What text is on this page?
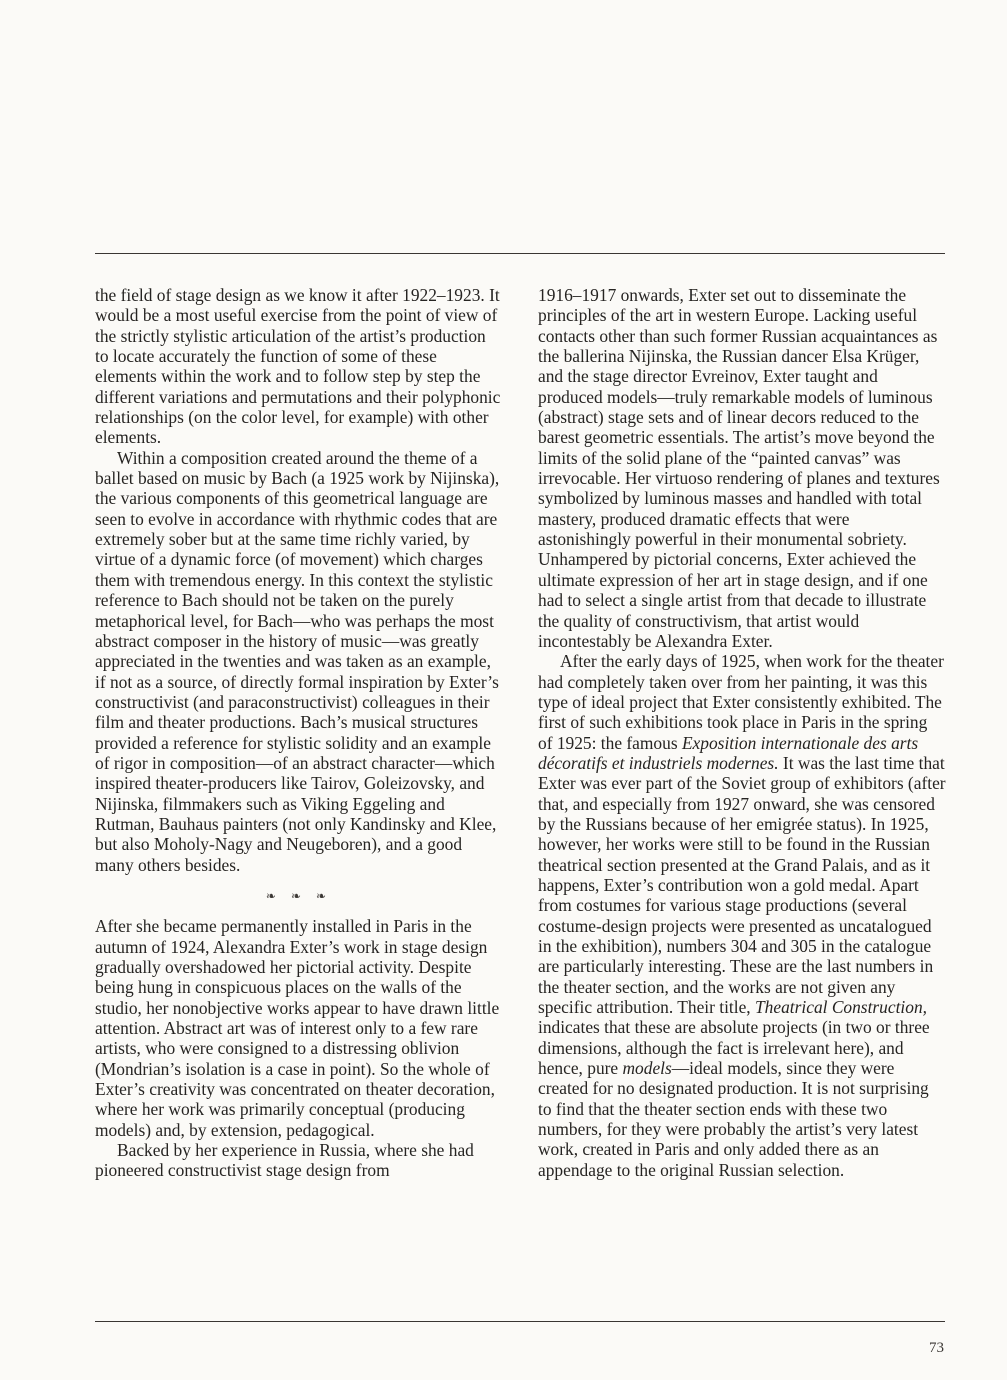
the field of stage design as we know it after 1922–1923. It would be a most useful exercise from the point of view of the strictly stylistic articulation of the artist’s production to locate accurately the function of some of these elements within the work and to follow step by step the different variations and permutations and their polyphonic relationships (on the color level, for example) with other elements.

Within a composition created around the theme of a ballet based on music by Bach (a 1925 work by Nijinska), the various components of this geometrical language are seen to evolve in accordance with rhythmic codes that are extremely sober but at the same time richly varied, by virtue of a dynamic force (of movement) which charges them with tremendous energy. In this context the stylistic reference to Bach should not be taken on the purely metaphorical level, for Bach—who was perhaps the most abstract composer in the history of music—was greatly appreciated in the twenties and was taken as an example, if not as a source, of directly formal inspiration by Exter’s constructivist (and paraconstructivist) colleagues in their film and theater productions. Bach’s musical structures provided a reference for stylistic solidity and an example of rigor in composition—of an abstract character—which inspired theater-producers like Tairov, Goleizovsky, and Nijinska, filmmakers such as Viking Eggeling and Rutman, Bauhaus painters (not only Kandinsky and Klee, but also Moholy-Nagy and Neugeboren), and a good many others besides.

❧ ❧ ❧

After she became permanently installed in Paris in the autumn of 1924, Alexandra Exter’s work in stage design gradually overshadowed her pictorial activity. Despite being hung in conspicuous places on the walls of the studio, her nonobjective works appear to have drawn little attention. Abstract art was of interest only to a few rare artists, who were consigned to a distressing oblivion (Mondrian’s isolation is a case in point). So the whole of Exter’s creativity was concentrated on theater decoration, where her work was primarily conceptual (producing models) and, by extension, pedagogical.

Backed by her experience in Russia, where she had pioneered constructivist stage design from

1916–1917 onwards, Exter set out to disseminate the principles of the art in western Europe. Lacking useful contacts other than such former Russian acquaintances as the ballerina Nijinska, the Russian dancer Elsa Krüger, and the stage director Evreinov, Exter taught and produced models—truly remarkable models of luminous (abstract) stage sets and of linear decors reduced to the barest geometric essentials. The artist’s move beyond the limits of the solid plane of the “painted canvas” was irrevocable. Her virtuoso rendering of planes and textures symbolized by luminous masses and handled with total mastery, produced dramatic effects that were astonishingly powerful in their monumental sobriety. Unhampered by pictorial concerns, Exter achieved the ultimate expression of her art in stage design, and if one had to select a single artist from that decade to illustrate the quality of constructivism, that artist would incontestably be Alexandra Exter.

After the early days of 1925, when work for the theater had completely taken over from her painting, it was this type of ideal project that Exter consistently exhibited. The first of such exhibitions took place in Paris in the spring of 1925: the famous Exposition internationale des arts décoratifs et industriels modernes. It was the last time that Exter was ever part of the Soviet group of exhibitors (after that, and especially from 1927 onward, she was censored by the Russians because of her emigrée status). In 1925, however, her works were still to be found in the Russian theatrical section presented at the Grand Palais, and as it happens, Exter’s contribution won a gold medal. Apart from costumes for various stage productions (several costume-design projects were presented as uncatalogued in the exhibition), numbers 304 and 305 in the catalogue are particularly interesting. These are the last numbers in the theater section, and the works are not given any specific attribution. Their title, Theatrical Construction, indicates that these are absolute projects (in two or three dimensions, although the fact is irrelevant here), and hence, pure models—ideal models, since they were created for no designated production. It is not surprising to find that the theater section ends with these two numbers, for they were probably the artist’s very latest work, created in Paris and only added there as an appendage to the original Russian selection.

73
